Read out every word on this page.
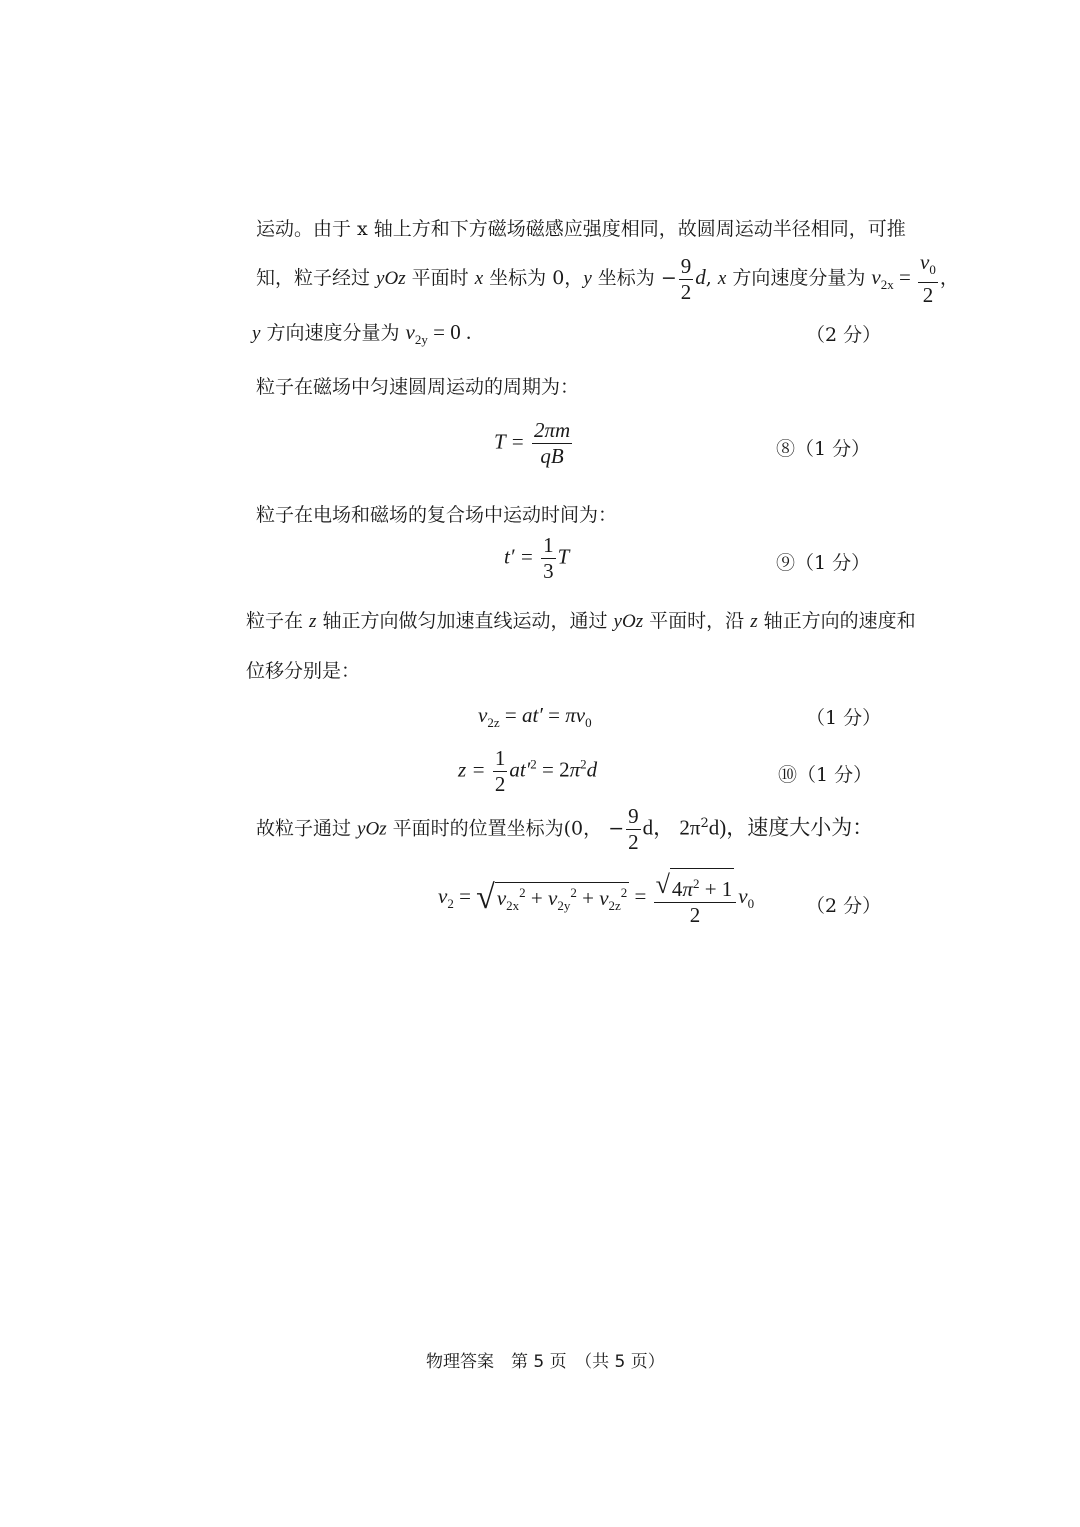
运动。由于 x 轴上方和下方磁场磁感应强度相同，故圆周运动半径相同，可推
知，粒子经过 yOz 平面时 x 坐标为 0，y 坐标为 − $\frac{9}{2} d$, x 方向速度分量为 $v_{2x} = \frac{v_0}{2}$ ，
y 方向速度分量为 $v_{2y} = 0$ .	（2 分）
粒子在磁场中匀速圆周运动的周期为：
$T = \frac{2\pi m}{qB}$	⑧（1 分）
粒子在电场和磁场的复合场中运动时间为：
$t' = \frac{1}{3}$ T	⑨（1 分）
粒子在 z 轴正方向做匀加速直线运动，通过 yOz 平面时，沿 z 轴正方向的速度和
位移分别是：
$v_{2z} = at' = \pi v_0$	（1 分）
$z = \frac{1}{2} at'^2 = 2\pi^2d$	⑩（1 分）
故粒子通过 yOz 平面时的位置坐标为(0， − $\frac{9}{2}$ d， $2\pi^2d$)，速度大小为：
$v_2 = √v_{2x}^2 + v_{2y}^2 + v_{2z}^2 = \frac{√4\pi^2 + 1}{2} v_0$	（2 分）
物理答案　第 5 页　（共 5 页）
